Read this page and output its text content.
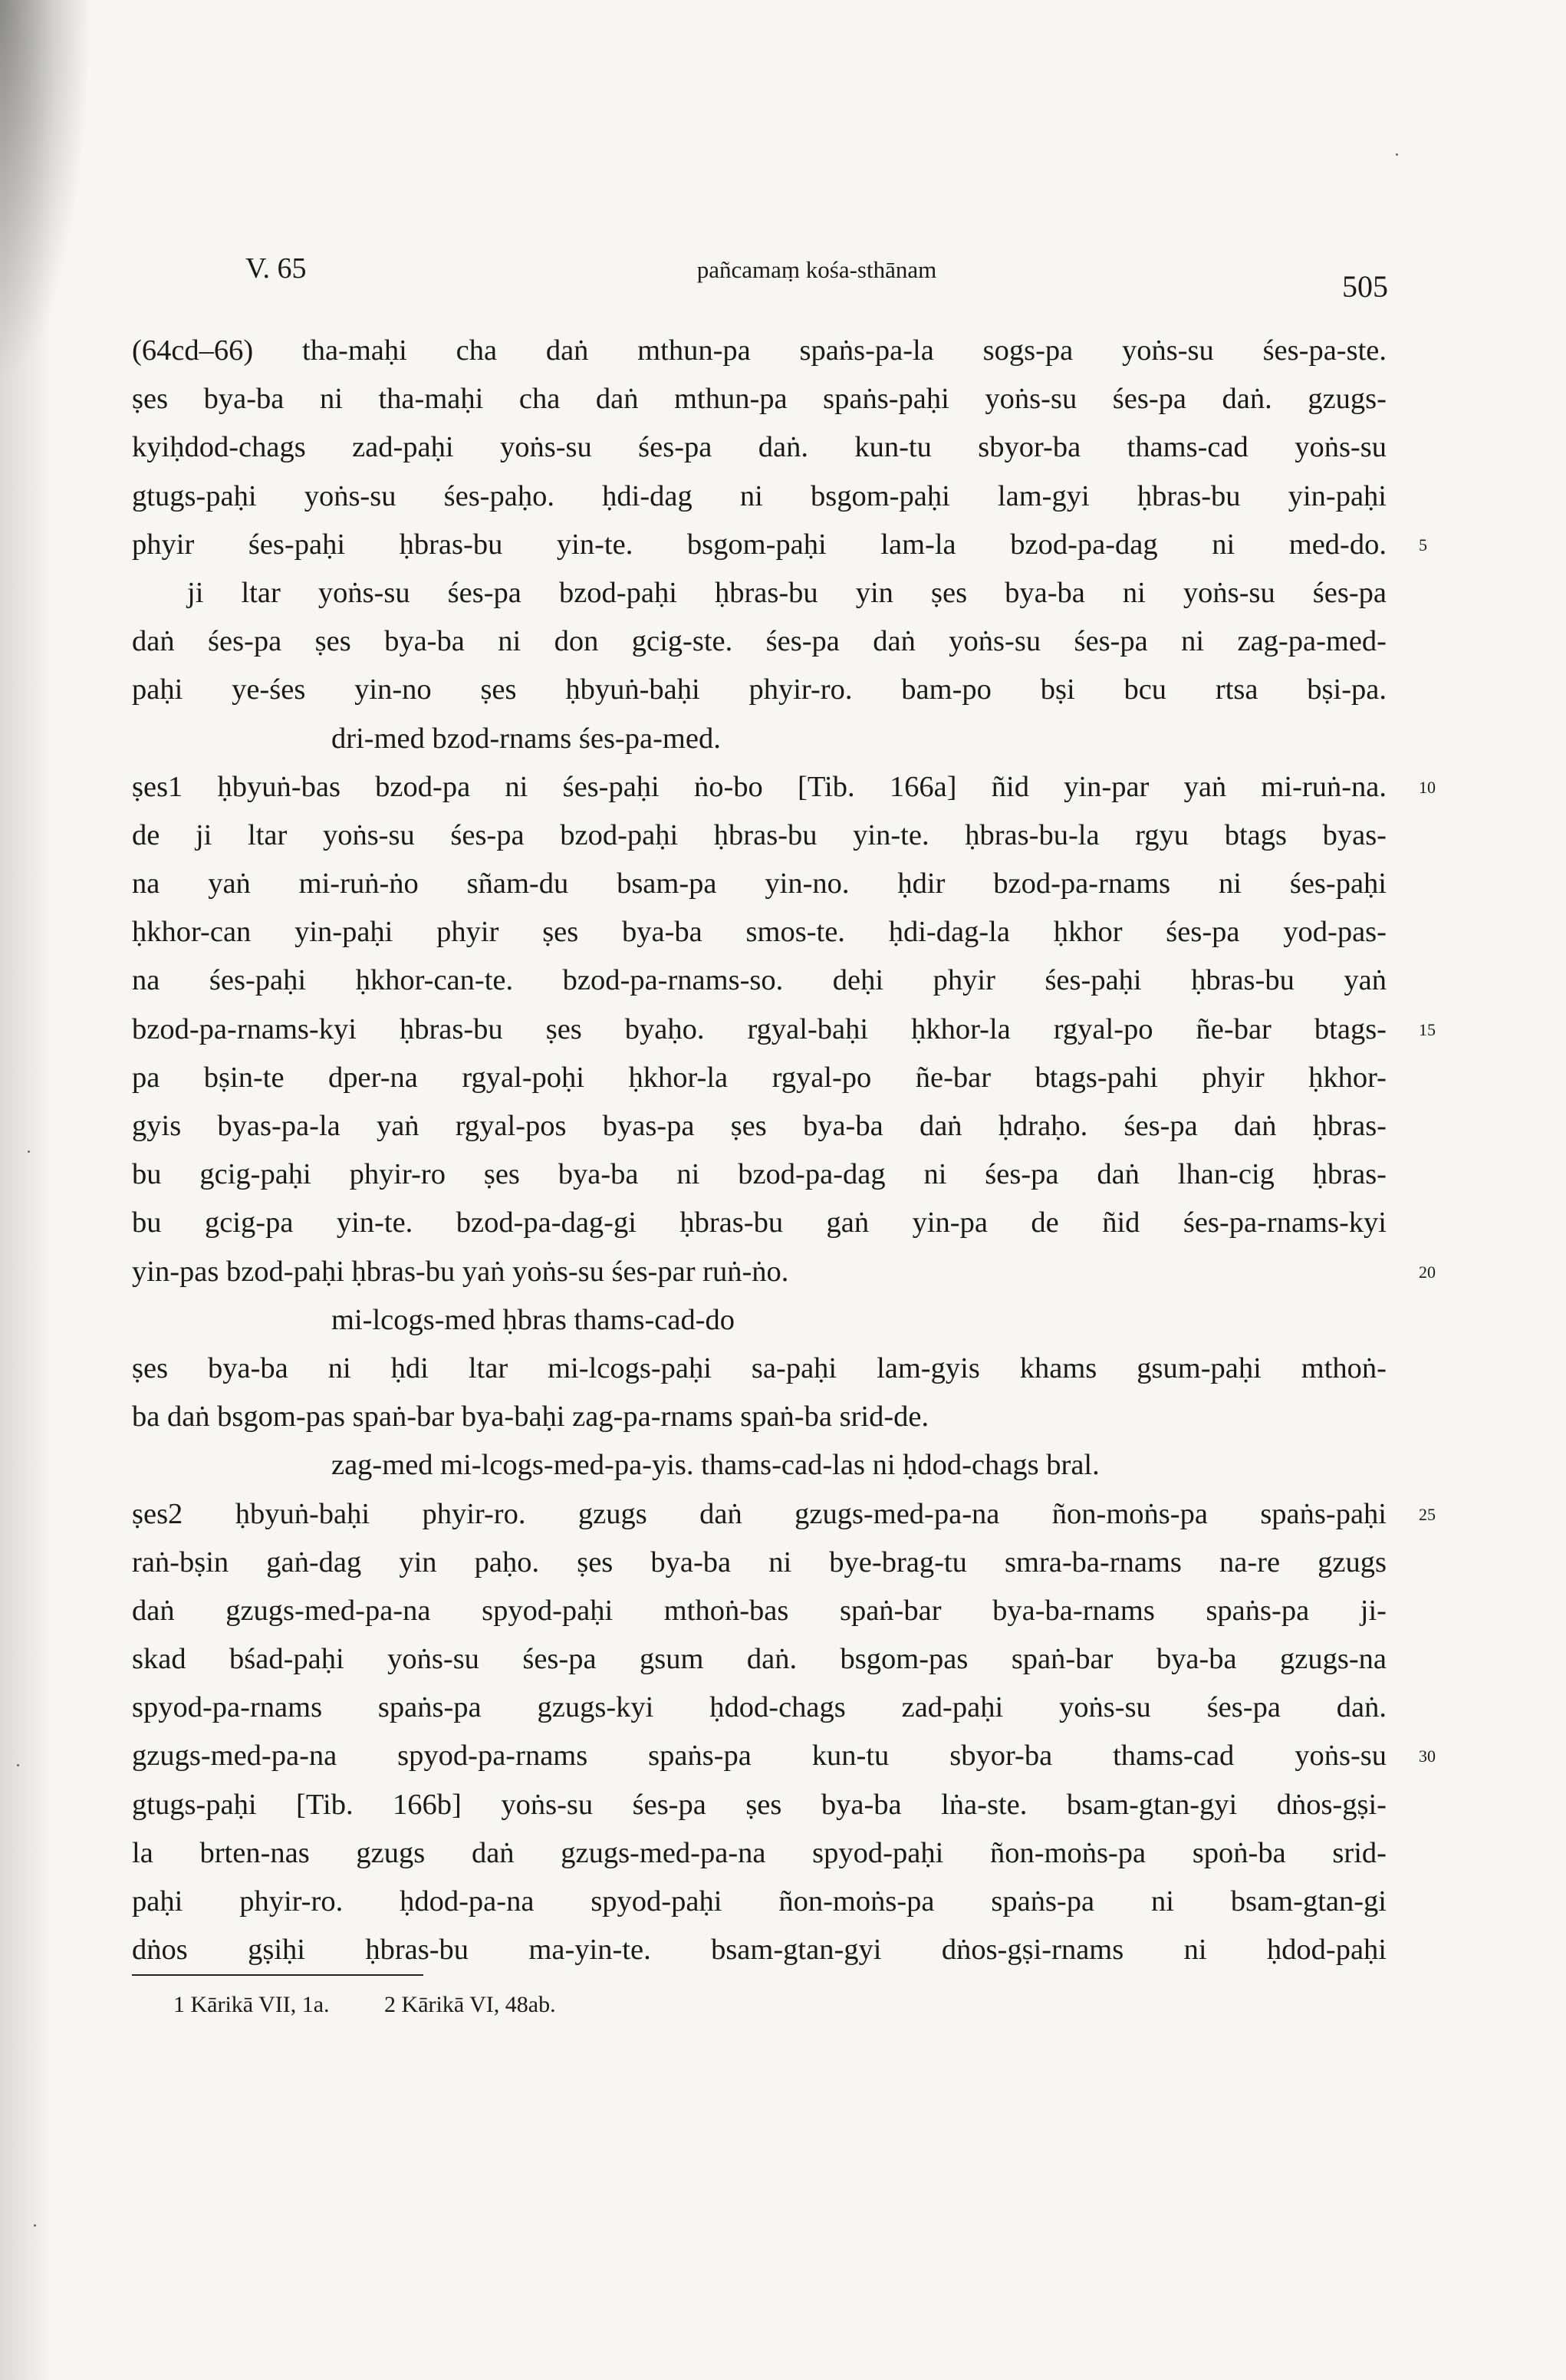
V. 65	pañcamaṃ kośa-sthānam	505
(64cd–66) tha-maḥi cha daṅ mthun-pa spaṅs-pa-la sogs-pa yoṅs-su śes-pa-ste.
ṣes bya-ba ni tha-maḥi cha daṅ mthun-pa spaṅs-paḥi yoṅs-su śes-pa daṅ. gzugs-
kyiḥdod-chags zad-paḥi yoṅs-su śes-pa daṅ. kun-tu sbyor-ba thams-cad yoṅs-su
gtugs-paḥi yoṅs-su śes-paḥo. ḥdi-dag ni bsgom-paḥi lam-gyi ḥbras-bu yin-paḥi
phyir śes-paḥi ḥbras-bu yin-te. bsgom-paḥi lam-la bzod-pa-dag ni med-do. 5
ji ltar yoṅs-su śes-pa bzod-paḥi ḥbras-bu yin ṣes bya-ba ni yoṅs-su śes-pa
daṅ śes-pa ṣes bya-ba ni don gcig-ste. śes-pa daṅ yoṅs-su śes-pa ni zag-pa-med-
paḥi ye-śes yin-no ṣes ḥbyuṅ-baḥi phyir-ro. bam-po bṣi bcu rtsa bṣi-pa.
dri-med bzod-rnams śes-pa-med.
ṣes1 ḥbyuṅ-bas bzod-pa ni śes-paḥi ṅo-bo [Tib. 166a] ñid yin-par yaṅ mi-ruṅ-na. 10
de ji ltar yoṅs-su śes-pa bzod-paḥi ḥbras-bu yin-te. ḥbras-bu-la rgyu btags byas-
na yaṅ mi-ruṅ-ṅo sñam-du bsam-pa yin-no. ḥdir bzod-pa-rnams ni śes-paḥi
ḥkhor-can yin-paḥi phyir ṣes bya-ba smos-te. ḥdi-dag-la ḥkhor śes-pa yod-pas-
na śes-paḥi ḥkhor-can-te. bzod-pa-rnams-so. deḥi phyir śes-paḥi ḥbras-bu yaṅ
bzod-pa-rnams-kyi ḥbras-bu ṣes byaḥo. rgyal-baḥi ḥkhor-la rgyal-po ñe-bar btags- 15
pa bṣin-te dper-na rgyal-poḥi ḥkhor-la rgyal-po ñe-bar btags-pahi phyir ḥkhor-
gyis byas-pa-la yaṅ rgyal-pos byas-pa ṣes bya-ba daṅ ḥdraḥo. śes-pa daṅ ḥbras-
bu gcig-paḥi phyir-ro ṣes bya-ba ni bzod-pa-dag ni śes-pa daṅ lhan-cig ḥbras-
bu gcig-pa yin-te. bzod-pa-dag-gi ḥbras-bu gaṅ yin-pa de ñid śes-pa-rnams-kyi
yin-pas bzod-paḥi ḥbras-bu yaṅ yoṅs-su śes-par ruṅ-ṅo.	20
mi-lcogs-med ḥbras thams-cad-do
ṣes bya-ba ni ḥdi ltar mi-lcogs-paḥi sa-paḥi lam-gyis khams gsum-paḥi mthoṅ-
ba daṅ bsgom-pas spaṅ-bar bya-baḥi zag-pa-rnams spaṅ-ba srid-de.
zag-med mi-lcogs-med-pa-yis. thams-cad-las ni ḥdod-chags bral.
ṣes2 ḥbyuṅ-baḥi phyir-ro. gzugs daṅ gzugs-med-pa-na ñon-moṅs-pa spaṅs-paḥi 25
raṅ-bṣin gaṅ-dag yin paḥo. ṣes bya-ba ni bye-brag-tu smra-ba-rnams na-re gzugs
daṅ gzugs-med-pa-na spyod-paḥi mthoṅ-bas spaṅ-bar bya-ba-rnams spaṅs-pa ji-
skad bśad-paḥi yoṅs-su śes-pa gsum daṅ. bsgom-pas spaṅ-bar bya-ba gzugs-na
spyod-pa-rnams spaṅs-pa gzugs-kyi ḥdod-chags zad-paḥi yoṅs-su śes-pa daṅ.
gzugs-med-pa-na spyod-pa-rnams spaṅs-pa kun-tu sbyor-ba thams-cad yoṅs-su 30
gtugs-paḥi [Tib. 166b] yoṅs-su śes-pa ṣes bya-ba lṅa-ste. bsam-gtan-gyi dṅos-gṣi-
la brten-nas gzugs daṅ gzugs-med-pa-na spyod-paḥi ñon-moṅs-pa spoṅ-ba srid-
paḥi phyir-ro. ḥdod-pa-na spyod-paḥi ñon-moṅs-pa spaṅs-pa ni bsam-gtan-gi
dṅos gṣiḥi ḥbras-bu ma-yin-te. bsam-gtan-gyi dṅos-gṣi-rnams ni ḥdod-paḥi
1 Kārikā VII, 1a. 2 Kārikā VI, 48ab.
